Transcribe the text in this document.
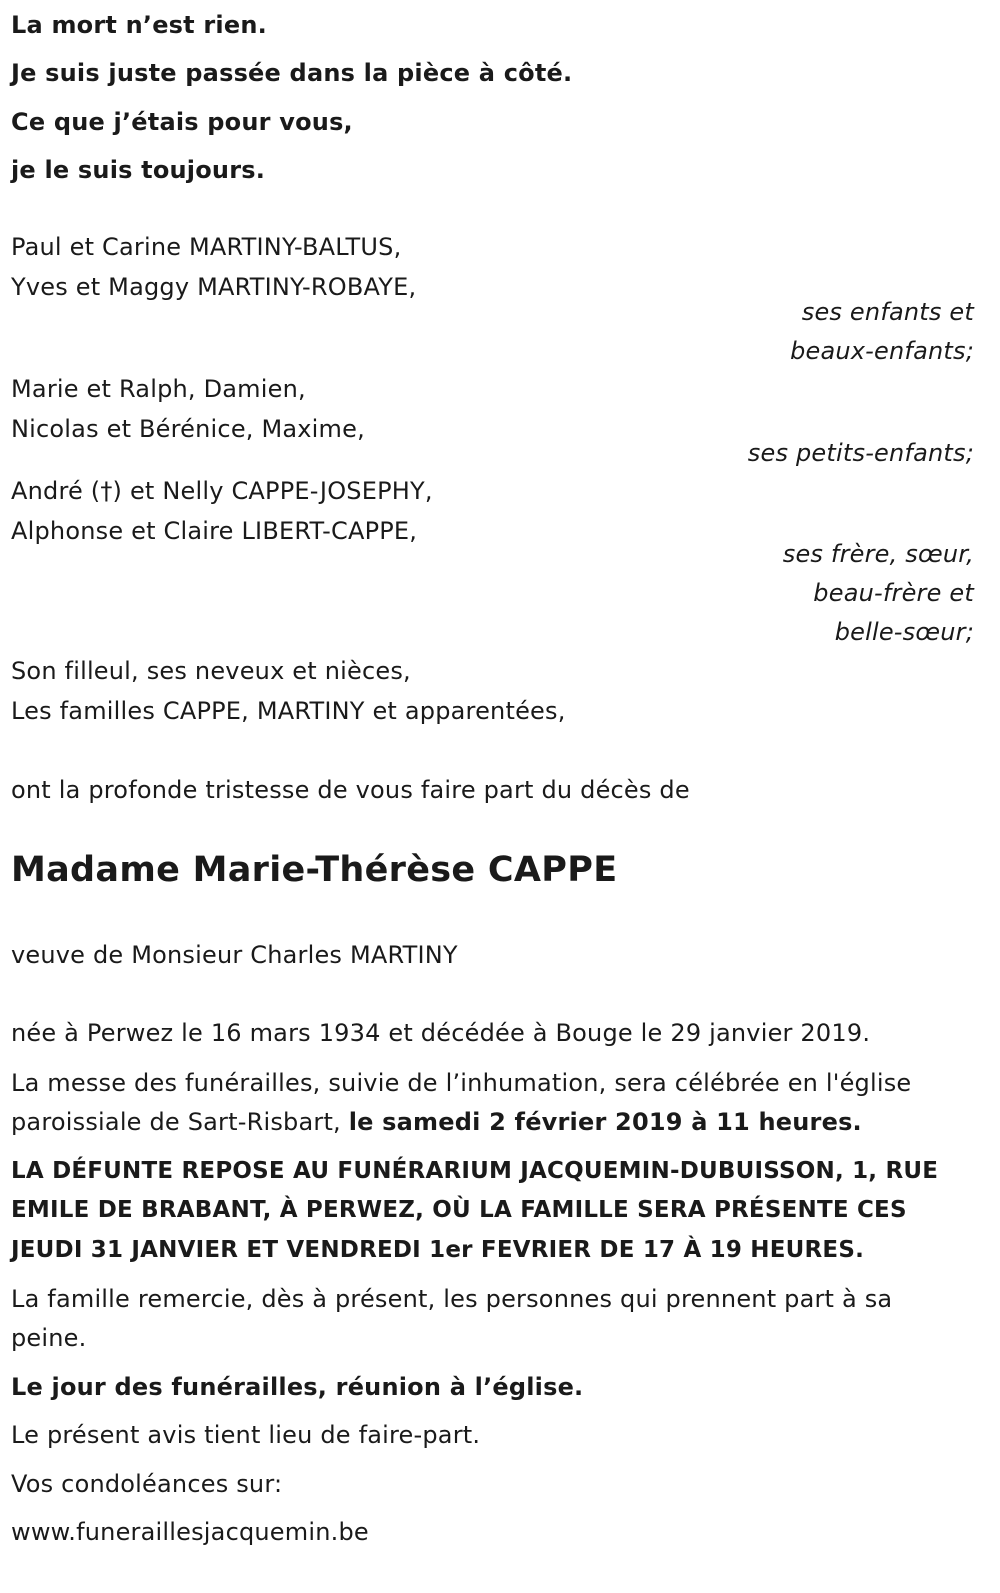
La mort n’est rien.
Je suis juste passée dans la pièce à côté.
Ce que j’étais pour vous,
je le suis toujours.
Paul et Carine MARTINY-BALTUS,
Yves et Maggy MARTINY-ROBAYE,
ses enfants et
beaux-enfants;
Marie et Ralph, Damien,
Nicolas et Bérénice, Maxime,
ses petits-enfants;
André (†) et Nelly CAPPE-JOSEPHY,
Alphonse et Claire LIBERT-CAPPE,
ses frère, sœur,
beau-frère et
belle-sœur;
Son filleul, ses neveux et nièces,
Les familles CAPPE, MARTINY et apparentées,
ont la profonde tristesse de vous faire part du décès de
Madame Marie-Thérèse CAPPE
veuve de Monsieur Charles MARTINY
née à Perwez le 16 mars 1934 et décédée à Bouge le 29 janvier 2019.
La messe des funérailles, suivie de l’inhumation, sera célébrée en l'église
paroissiale de Sart-Risbart, le samedi 2 février 2019 à 11 heures.
LA DÉFUNTE REPOSE AU FUNÉRARIUM JACQUEMIN-DUBUISSON, 1, RUE
EMILE DE BRABANT, À PERWEZ, OÙ LA FAMILLE SERA PRÉSENTE CES
JEUDI 31 JANVIER ET VENDREDI 1er FEVRIER DE 17 À 19 HEURES.
La famille remercie, dès à présent, les personnes qui prennent part à sa
peine.
Le jour des funérailles, réunion à l’église.
Le présent avis tient lieu de faire-part.
Vos condoléances sur:
www.funeraillesjacquemin.be
